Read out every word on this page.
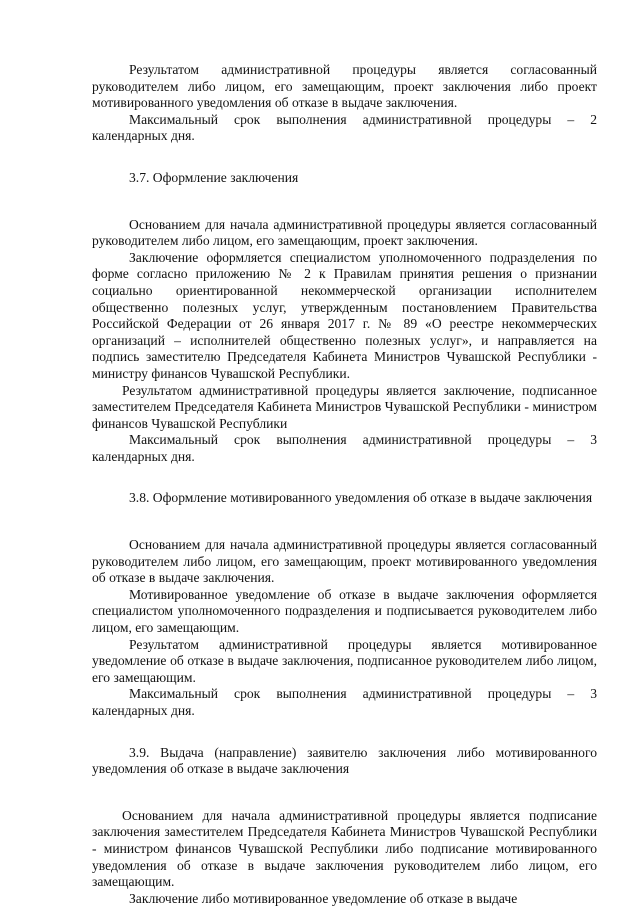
Результатом административной процедуры является согласованный руководителем либо лицом, его замещающим, проект заключения либо проект мотивированного уведомления об отказе в выдаче заключения.

Максимальный срок выполнения административной процедуры – 2 календарных дня.

3.7. Оформление заключения

Основанием для начала административной процедуры является согласованный руководителем либо лицом, его замещающим, проект заключения.

Заключение оформляется специалистом уполномоченного подразделения по форме согласно приложению № 2 к Правилам принятия решения о признании социально ориентированной некоммерческой организации исполнителем общественно полезных услуг, утвержденным постановлением Правительства Российской Федерации от 26 января 2017 г. № 89 «О реестре некоммерческих организаций – исполнителей общественно полезных услуг», и направляется на подпись заместителю Председателя Кабинета Министров Чувашской Республики - министру финансов Чувашской Республики.

Результатом административной процедуры является заключение, подписанное заместителем Председателя Кабинета Министров Чувашской Республики - министром финансов Чувашской Республики

Максимальный срок выполнения административной процедуры – 3 календарных дня.

3.8. Оформление мотивированного уведомления об отказе в выдаче заключения

Основанием для начала административной процедуры является согласованный руководителем либо лицом, его замещающим, проект мотивированного уведомления об отказе в выдаче заключения.

Мотивированное уведомление об отказе в выдаче заключения оформляется специалистом уполномоченного подразделения и подписывается руководителем либо лицом, его замещающим.

Результатом административной процедуры является мотивированное уведомление об отказе в выдаче заключения, подписанное руководителем либо лицом, его замещающим.

Максимальный срок выполнения административной процедуры – 3 календарных дня.

3.9. Выдача (направление) заявителю заключения либо мотивированного уведомления об отказе в выдаче заключения

Основанием для начала административной процедуры является подписание заключения заместителем Председателя Кабинета Министров Чувашской Республики - министром финансов Чувашской Республики либо подписание мотивированного уведомления об отказе в выдаче заключения руководителем либо лицом, его замещающим.

Заключение либо мотивированное уведомление об отказе в выдаче
